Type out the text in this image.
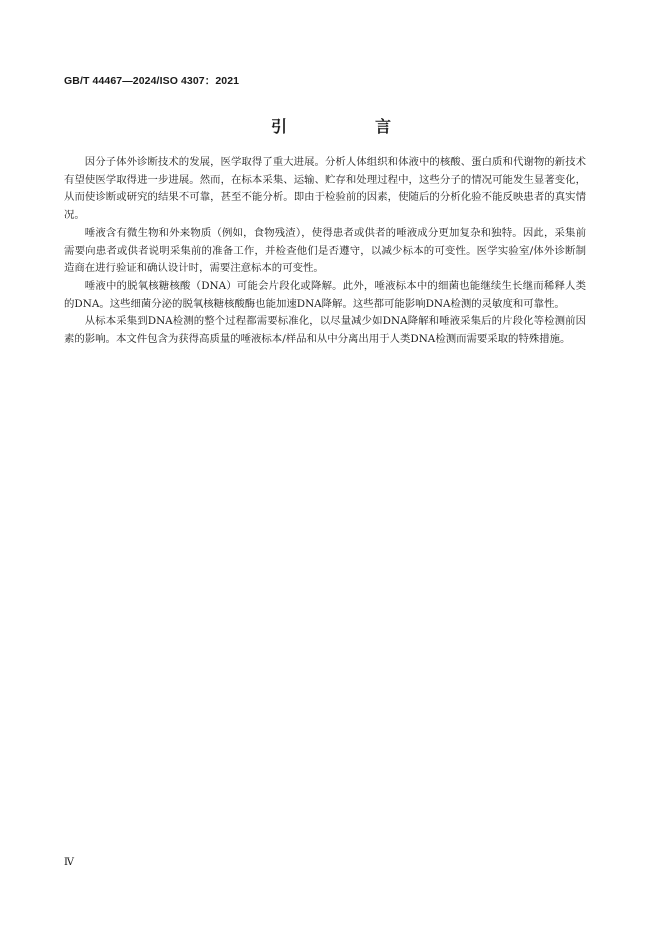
GB/T 44467—2024/ISO 4307：2021
引　言

因分子体外诊断技术的发展，医学取得了重大进展。分析人体组织和体液中的核酸、蛋白质和代谢物的新技术有望使医学取得进一步进展。然而，在标本采集、运输、贮存和处理过程中，这些分子的情况可能发生显著变化，从而使诊断或研究的结果不可靠，甚至不能分析。即由于检验前的因素，使随后的分析化验不能反映患者的真实情况。

唾液含有微生物和外来物质（例如，食物残渣），使得患者或供者的唾液成分更加复杂和独特。因此，采集前需要向患者或供者说明采集前的准备工作，并检查他们是否遵守，以减少标本的可变性。医学实验室/体外诊断制造商在进行验证和确认设计时，需要注意标本的可变性。

唾液中的脱氧核糖核酸（DNA）可能会片段化或降解。此外，唾液标本中的细菌也能继续生长继而稀释人类的DNA。这些细菌分泌的脱氧核糖核酸酶也能加速DNA降解。这些都可能影响DNA检测的灵敏度和可靠性。

从标本采集到DNA检测的整个过程都需要标准化，以尽量减少如DNA降解和唾液采集后的片段化等检测前因素的影响。本文件包含为获得高质量的唾液标本/样品和从中分离出用于人类DNA检测而需要采取的特殊措施。

Ⅳ
